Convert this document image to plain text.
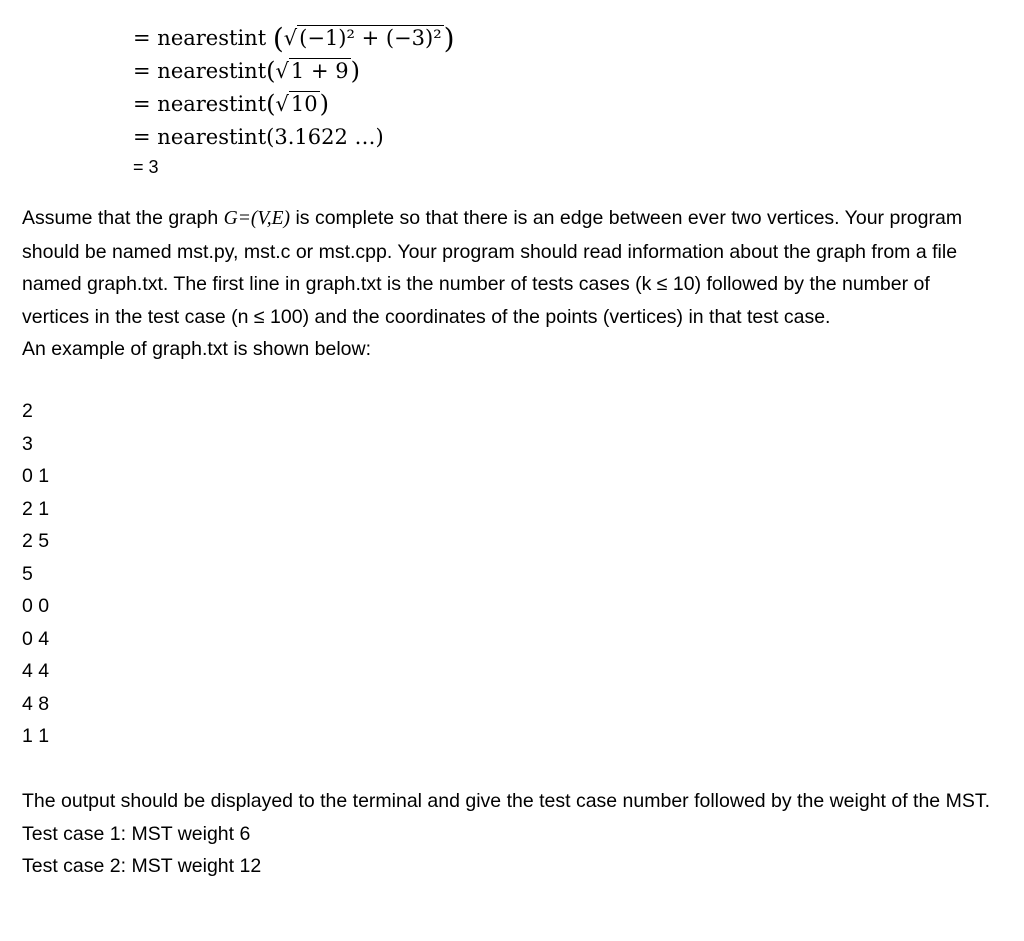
= nearestint (√(−1)² + (−3)²)
= nearestint(√1 + 9)
= nearestint(√10)
= nearestint(3.1622 …)
= 3

Assume that the graph G=(V,E) is complete so that there is an edge between ever two vertices. Your program should be named mst.py, mst.c or mst.cpp. Your program should read information about the graph from a file named graph.txt. The first line in graph.txt is the number of tests cases (k ≤ 10) followed by the number of vertices in the test case (n ≤ 100) and the coordinates of the points (vertices) in that test case.

An example of graph.txt is shown below:

2
3
0 1
2 1
2 5
5
0 0
0 4
4 4
4 8
1 1

The output should be displayed to the terminal and give the test case number followed by the weight of the MST.

Test case 1: MST weight 6

Test case 2: MST weight 12
